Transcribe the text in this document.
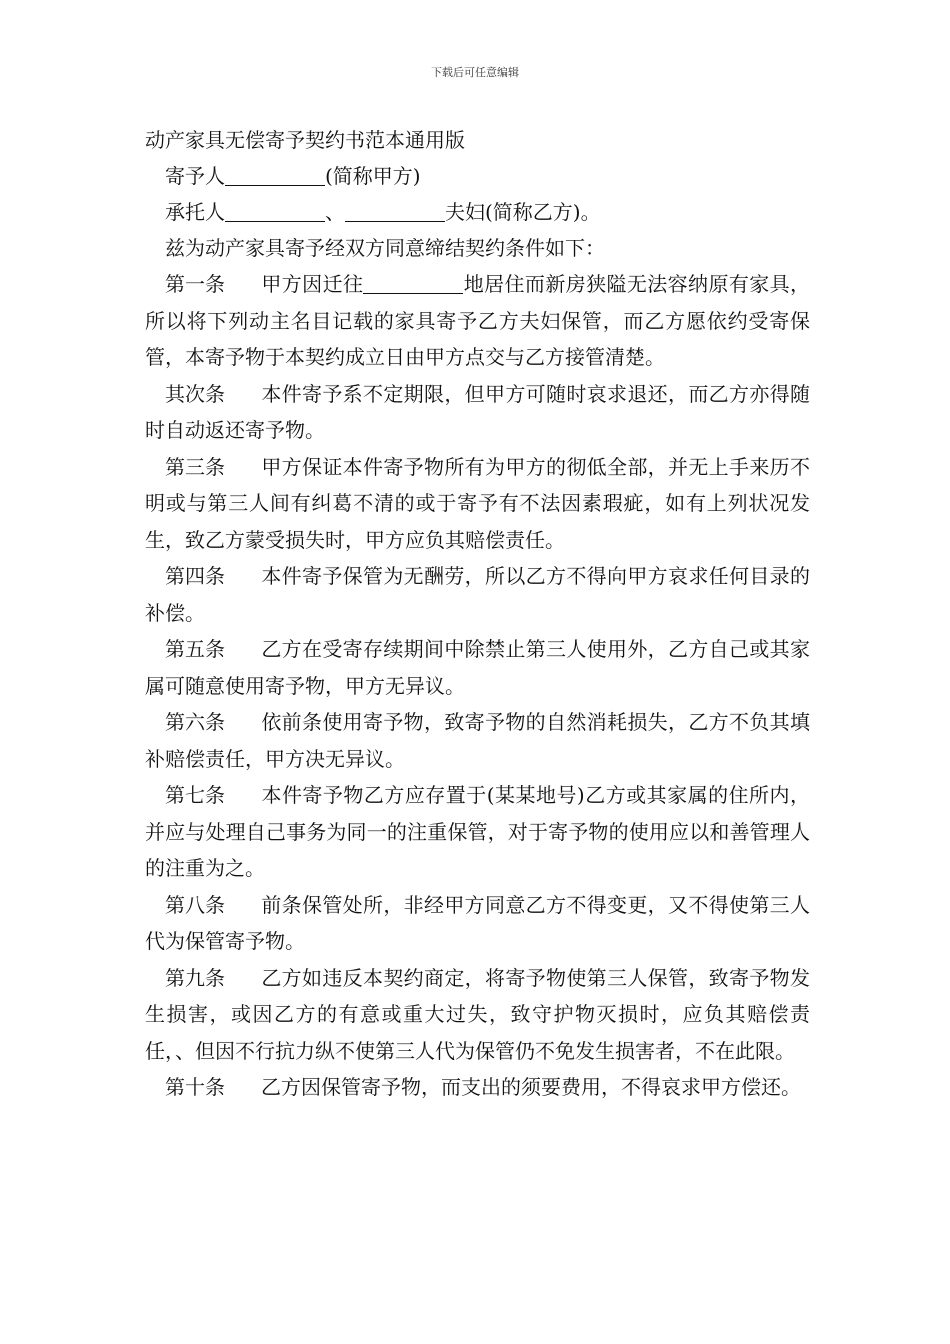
下载后可任意编辑
动产家具无偿寄予契约书范本通用版

寄予人	(简称甲方)

承托人	、	夫妇(简称乙方)。

兹为动产家具寄予经双方同意缔结契约条件如下：

第一条 甲方因迁往	地居住而新房狭隘无法容纳原有家具，所以将下列动主名目记载的家具寄予乙方夫妇保管，而乙方愿依约受寄保管，本寄予物于本契约成立日由甲方点交与乙方接管清楚。

其次条 本件寄予系不定期限，但甲方可随时哀求退还，而乙方亦得随时自动返还寄予物。

第三条 甲方保证本件寄予物所有为甲方的彻低全部，并无上手来历不明或与第三人间有纠葛不清的或于寄予有不法因素瑕疵，如有上列状况发生，致乙方蒙受损失时，甲方应负其赔偿责任。

第四条 本件寄予保管为无酬劳，所以乙方不得向甲方哀求任何目录的补偿。

第五条 乙方在受寄存续期间中除禁止第三人使用外，乙方自己或其家属可随意使用寄予物，甲方无异议。

第六条 依前条使用寄予物，致寄予物的自然消耗损失，乙方不负其填补赔偿责任，甲方决无异议。

第七条 本件寄予物乙方应存置于(某某地号)乙方或其家属的住所内，并应与处理自己事务为同一的注重保管，对于寄予物的使用应以和善管理人的注重为之。

第八条 前条保管处所，非经甲方同意乙方不得变更，又不得使第三人代为保管寄予物。

第九条 乙方如违反本契约商定，将寄予物使第三人保管，致寄予物发生损害，或因乙方的有意或重大过失，致守护物灭损时，应负其赔偿责任，、但因不行抗力纵不使第三人代为保管仍不免发生损害者，不在此限。

第十条 乙方因保管寄予物，而支出的须要费用，不得哀求甲方偿还。
